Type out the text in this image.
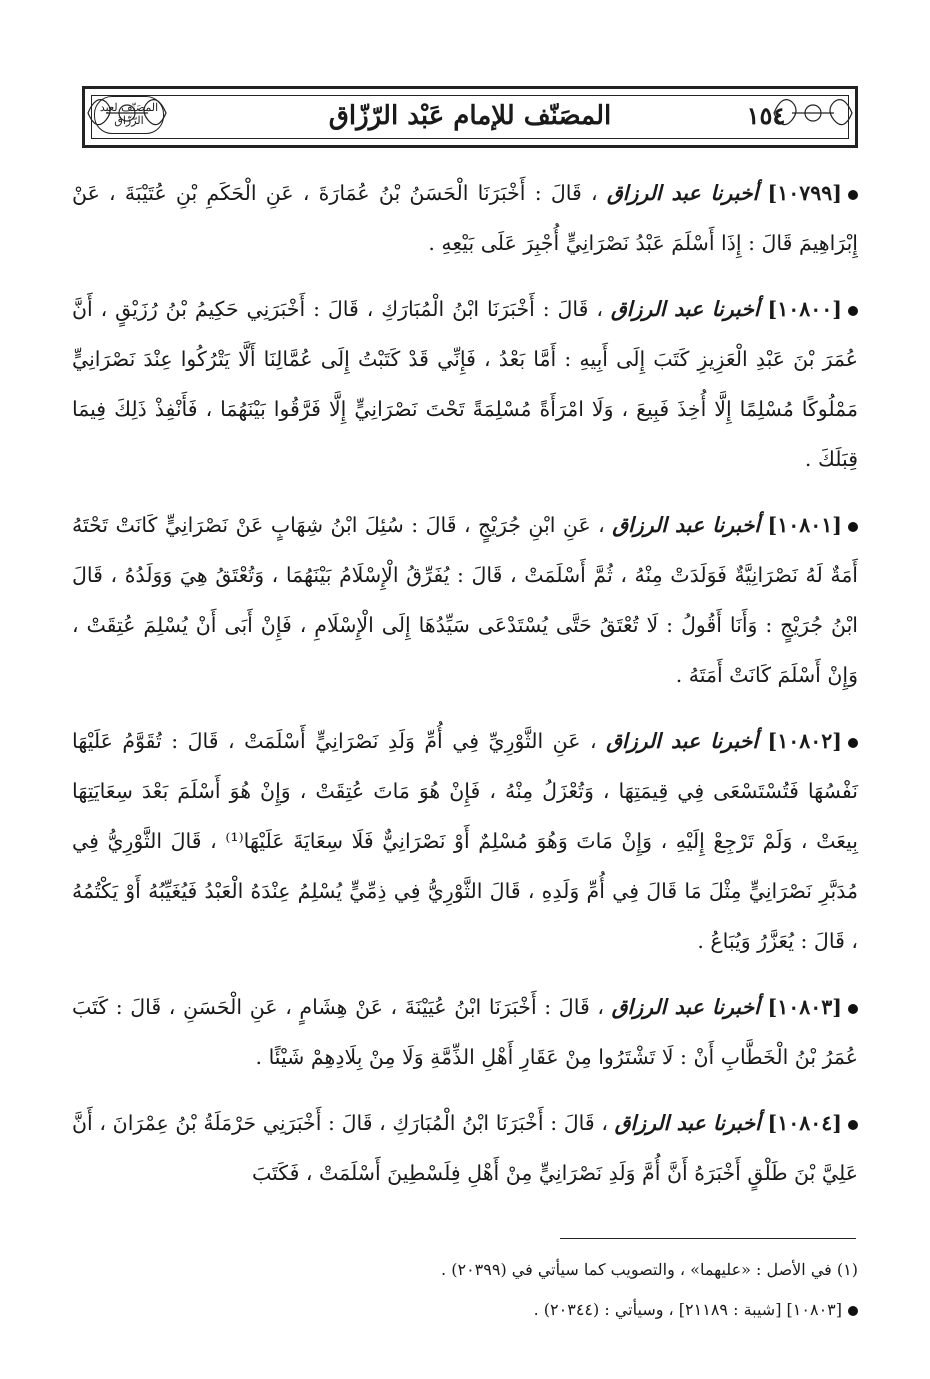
المصَنّف لعبد الرّزّاق	المصَنّف للإمام عَبْد الرّزّاق	١٥٤

[١٠٧٩٩] أخبرنا عبد الرزاق ، قَالَ : أَخْبَرَنَا الْحَسَنُ بْنُ عُمَارَةَ ، عَنِ الْحَكَمِ بْنِ عُتَيْبَةَ ، عَنْ إِبْرَاهِيمَ قَالَ : إِذَا أَسْلَمَ عَبْدُ نَصْرَانِيٍّ أُجْبِرَ عَلَى بَيْعِهِ .

[١٠٨٠٠] أخبرنا عبد الرزاق ، قَالَ : أَخْبَرَنَا ابْنُ الْمُبَارَكِ ، قَالَ : أَخْبَرَنِي حَكِيمُ بْنُ رُزَيْقٍ ، أَنَّ عُمَرَ بْنَ عَبْدِ الْعَزِيزِ كَتَبَ إِلَى أَبِيهِ : أَمَّا بَعْدُ ، فَإِنِّي قَدْ كَتَبْتُ إِلَى عُمَّالِنَا أَلَّا يَتْرُكُوا عِنْدَ نَصْرَانِيٍّ مَمْلُوكًا مُسْلِمًا إِلَّا أُخِذَ فَبِيعَ ، وَلَا امْرَأَةً مُسْلِمَةً تَحْتَ نَصْرَانِيٍّ إِلَّا فَرَّقُوا بَيْنَهُمَا ، فَأَنْفِذْ ذَلِكَ فِيمَا قِبَلَكَ .

[١٠٨٠١] أخبرنا عبد الرزاق ، عَنِ ابْنِ جُرَيْجٍ ، قَالَ : سُئِلَ ابْنُ شِهَابٍ عَنْ نَصْرَانِيٍّ كَانَتْ تَحْتَهُ أَمَةٌ لَهُ نَصْرَانِيَّةٌ فَوَلَدَتْ مِنْهُ ، ثُمَّ أَسْلَمَتْ ، قَالَ : يُفَرِّقُ الْإِسْلَامُ بَيْنَهُمَا ، وَتُعْتَقُ هِيَ وَوَلَدُهُ ، قَالَ ابْنُ جُرَيْجٍ : وَأَنَا أَقُولُ : لَا تُعْتَقُ حَتَّى يُسْتَدْعَى سَيِّدُهَا إِلَى الْإِسْلَامِ ، فَإِنْ أَبَى أَنْ يُسْلِمَ عُتِقَتْ ، وَإِنْ أَسْلَمَ كَانَتْ أَمَتَهُ .

[١٠٨٠٢] أخبرنا عبد الرزاق ، عَنِ الثَّوْرِيِّ فِي أُمِّ وَلَدِ نَصْرَانِيٍّ أَسْلَمَتْ ، قَالَ : تُقَوَّمُ عَلَيْهَا نَفْسُهَا فَتُسْتَسْعَى فِي قِيمَتِهَا ، وَتُعْزَلُ مِنْهُ ، فَإِنْ هُوَ مَاتَ عُتِقَتْ ، وَإِنْ هُوَ أَسْلَمَ بَعْدَ سِعَايَتِهَا بِيعَتْ ، وَلَمْ تَرْجِعْ إِلَيْهِ ، وَإِنْ مَاتَ وَهُوَ مُسْلِمٌ أَوْ نَصْرَانِيٌّ فَلَا سِعَايَةَ عَلَيْهَا⁽¹⁾ ، قَالَ الثَّوْرِيُّ فِي مُدَبَّرِ نَصْرَانِيٍّ مِثْلَ مَا قَالَ فِي أُمِّ وَلَدِهِ ، قَالَ الثَّوْرِيُّ فِي ذِمِّيٍّ يُسْلِمُ عِنْدَهُ الْعَبْدُ فَيُغَيِّبُهُ أَوْ يَكْتُمُهُ ، قَالَ : يُعَزَّرُ وَيُبَاعُ .

[١٠٨٠٣] أخبرنا عبد الرزاق ، قَالَ : أَخْبَرَنَا ابْنُ عُيَيْنَةَ ، عَنْ هِشَامٍ ، عَنِ الْحَسَنِ ، قَالَ : كَتَبَ عُمَرُ بْنُ الْخَطَّابِ أَنْ : لَا تَشْتَرُوا مِنْ عَقَارِ أَهْلِ الذِّمَّةِ وَلَا مِنْ بِلَادِهِمْ شَيْئًا .

[١٠٨٠٤] أخبرنا عبد الرزاق ، قَالَ : أَخْبَرَنَا ابْنُ الْمُبَارَكِ ، قَالَ : أَخْبَرَنِي حَرْمَلَةُ بْنُ عِمْرَانَ ، أَنَّ عَلِيَّ بْنَ طَلْقٍ أَخْبَرَهُ أَنَّ أُمَّ وَلَدِ نَصْرَانِيٍّ مِنْ أَهْلِ فِلَسْطِينَ أَسْلَمَتْ ، فَكَتَبَ

(١) في الأصل : «عليهما» ، والتصويب كما سيأتي في (٢٠٣٩٩) .

[١٠٨٠٣] [شيبة : ٢١١٨٩] ، وسيأتي : (٢٠٣٤٤) .
